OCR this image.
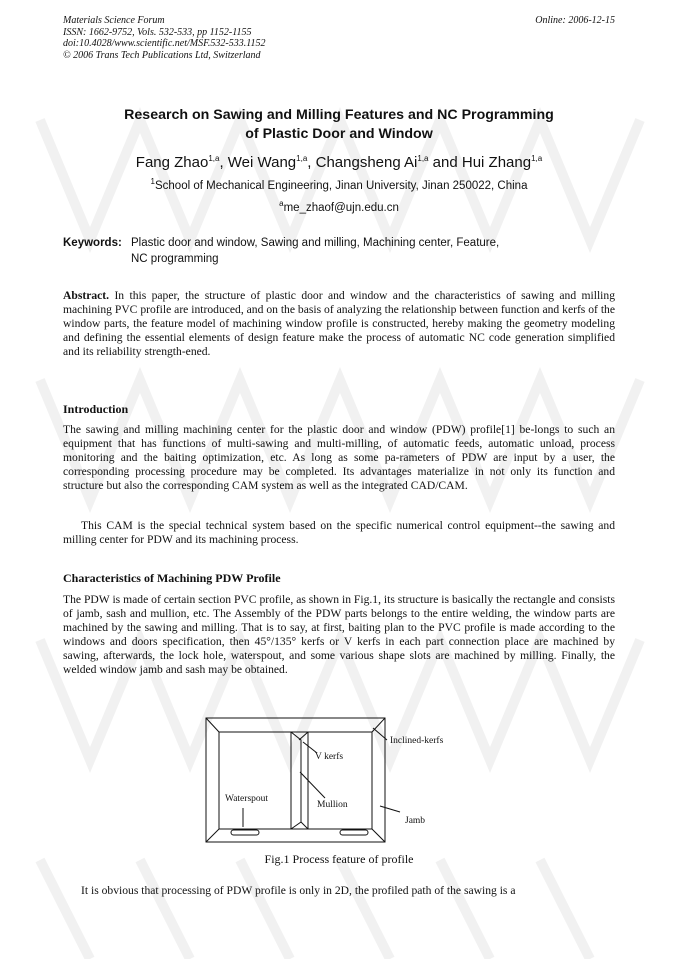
Materials Science Forum	Online: 2006-12-15
ISSN: 1662-9752, Vols. 532-533, pp 1152-1155
doi:10.4028/www.scientific.net/MSF.532-533.1152
© 2006 Trans Tech Publications Ltd, Switzerland
Research on Sawing and Milling Features and NC Programming
of Plastic Door and Window
Fang Zhao$^{1,a}$, Wei Wang$^{1,a}$, Changsheng Ai$^{1,a}$ and Hui Zhang$^{1,a}$
$^1$School of Mechanical Engineering, Jinan University, Jinan 250022, China
$^a$me_zhaof@ujn.edu.cn
Keywords: Plastic door and window, Sawing and milling, Machining center, Feature,
NC programming
Abstract. In this paper, the structure of plastic door and window and the characteristics of sawing and milling machining PVC profile are introduced, and on the basis of analyzing the relationship between function and kerfs of the window parts, the feature model of machining window profile is constructed, hereby making the geometry modeling and defining the essential elements of design feature make the process of automatic NC code generation simplified and its reliability strength-ened.
Introduction
The sawing and milling machining center for the plastic door and window (PDW) profile[1] be-longs to such an equipment that has functions of multi-sawing and multi-milling, of automatic feeds, automatic unload, process monitoring and the baiting optimization, etc. As long as some pa-rameters of PDW are input by a user, the corresponding processing procedure may be completed. Its advantages materialize in not only its function and structure but also the corresponding CAM system as well as the integrated CAD/CAM.
This CAM is the special technical system based on the specific numerical control equipment--the sawing and milling center for PDW and its machining process.
Characteristics of Machining PDW Profile
The PDW is made of certain section PVC profile, as shown in Fig.1, its structure is basically the rectangle and consists of jamb, sash and mullion, etc. The Assembly of the PDW parts belongs to the entire welding, the window parts are machined by the sawing and milling. That is to say, at first, baiting plan to the PVC profile is made according to the windows and doors specification, then 45°/135° kerfs or V kerfs in each part connection place are machined by sawing, afterwards, the lock hole, waterspout, and some various shape slots are machined by milling. Finally, the welded window jamb and sash may be obtained.
Inclined-kerfs
V kerfs
Waterspout
Mullion
Jamb
Fig.1 Process feature of profile
It is obvious that processing of PDW profile is only in 2D, the profiled path of the sawing is a
